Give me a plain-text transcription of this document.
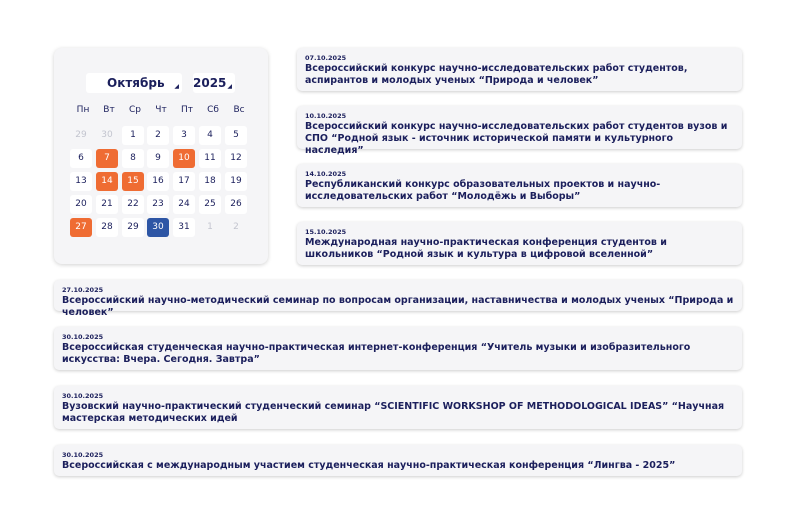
Октябрь ◢ 2025 ◢
Пн	Вт	Ср	Чт	Пт	Сб	Вс
29	30	1	2	3	4	5
6	7	8	9	10	11	12
13	14	15	16	17	18	19
20	21	22	23	24	25	26
27	28	29	30	31	1	2
07.10.2025
Всероссийский конкурс научно-исследовательских работ студентов, аспирантов и молодых ученых “Природа и человек”
10.10.2025
Всероссийский конкурс научно-исследовательских работ студентов вузов и СПО “Родной язык - источник исторической памяти и культурного наследия”
14.10.2025
Республиканский конкурс образовательных проектов и научно-исследовательских работ “Молодёжь и Выборы”
15.10.2025
Международная научно-практическая конференция студентов и школьников “Родной язык и культура в цифровой вселенной”
27.10.2025
Всероссийский научно-методический семинар по вопросам организации, наставничества и молодых ученых “Природа и человек”
30.10.2025
Всероссийская студенческая научно-практическая интернет-конференция “Учитель музыки и изобразительного искусства: Вчера. Сегодня. Завтра”
30.10.2025
Вузовский научно-практический студенческий семинар “SCIENTIFIC WORKSHOP OF METHODOLOGICAL IDEAS” “Научная мастерская методических идей
30.10.2025
Всероссийская с международным участием студенческая научно-практическая конференция “Лингва - 2025”
